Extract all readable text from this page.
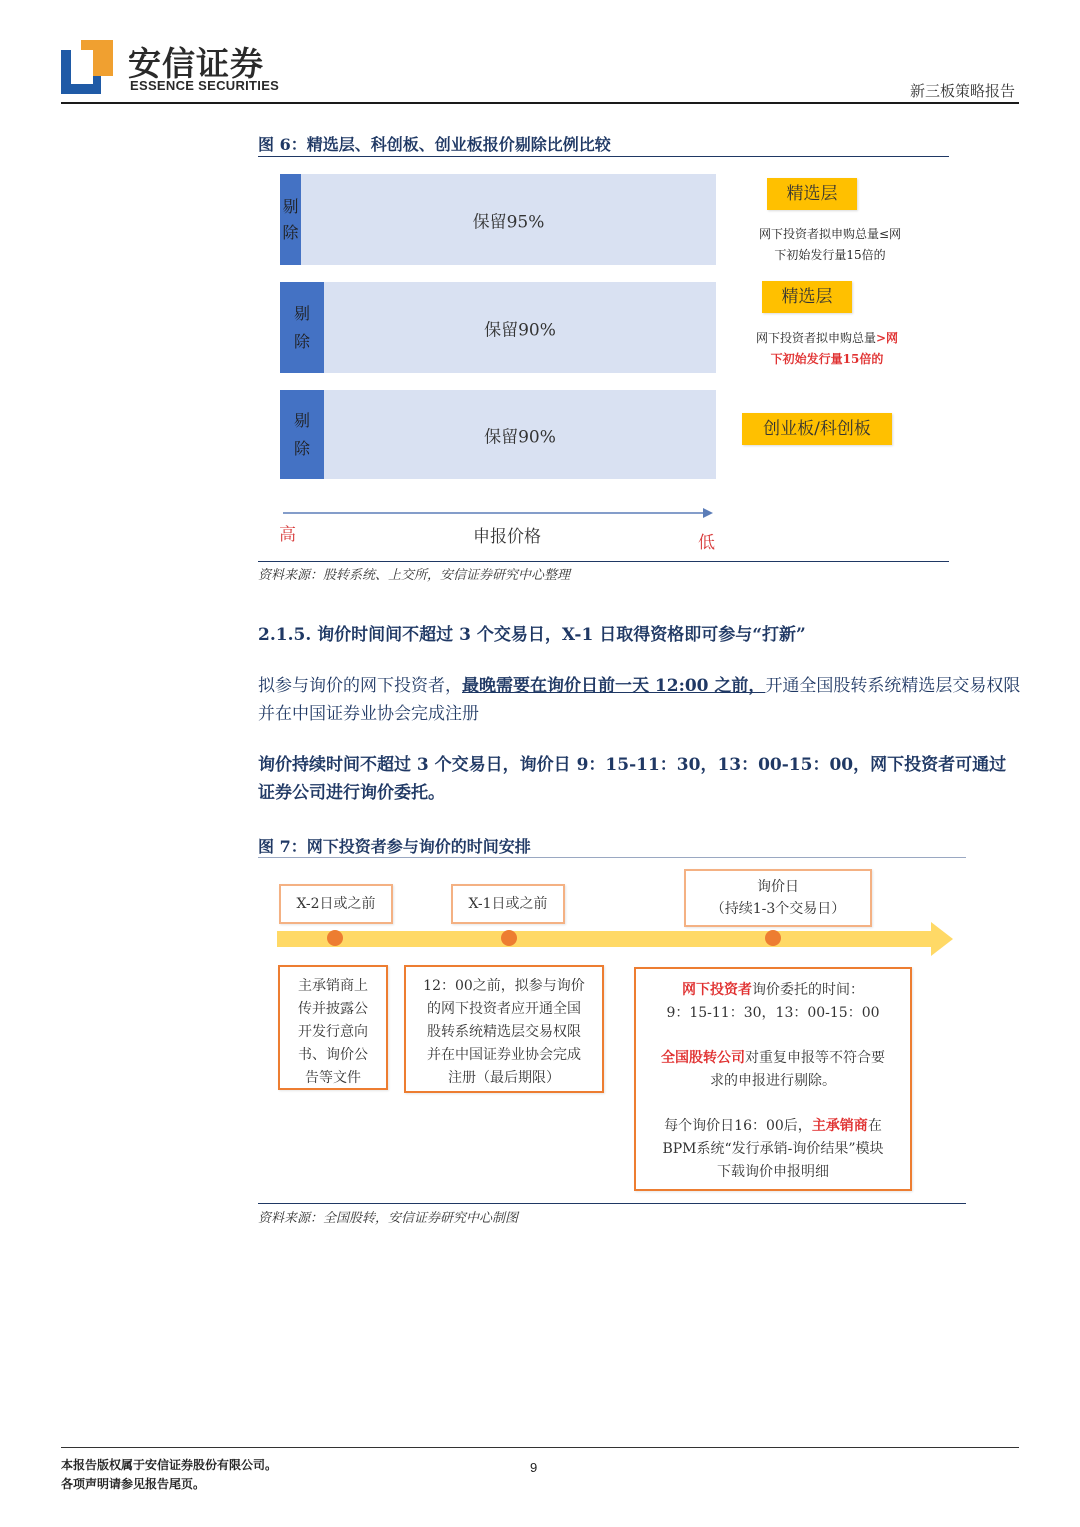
安信证券
ESSENCE SECURITIES	新三板策略报告
图 6：精选层、科创板、创业板报价剔除比例比较
剔
除	保留95%
剔
除
保留90%
剔
除
保留90%
精选层
网下投资者拟申购总量≤网
下初始发行量15倍的
精选层
网下投资者拟申购总量>网
下初始发行量15倍的
创业板/科创板
高	申报价格	低
资料来源：股转系统、上交所，安信证券研究中心整理
2.1.5. 询价时间间不超过 3 个交易日，X-1 日取得资格即可参与“打新”
拟参与询价的网下投资者，最晚需要在询价日前一天 12:00 之前，开通全国股转系统精选层交易权限并在中国证券业协会完成注册
询价持续时间不超过 3 个交易日，询价日 9：15-11：30，13：00-15：00，网下投资者可通过证券公司进行询价委托。
图 7：网下投资者参与询价的时间安排
X-2日或之前	X-1日或之前
询价日
（持续1-3个交易日）
主承销商上
传并披露公
开发行意向
书、询价公
告等文件
12：00之前，拟参与询价
的网下投资者应开通全国
股转系统精选层交易权限
并在中国证券业协会完成
注册（最后期限）
网下投资者询价委托的时间：
9：15-11：30，13：00-15：00
全国股转公司对重复申报等不符合要
求的申报进行剔除。
每个询价日16：00后，主承销商在
BPM系统“发行承销-询价结果”模块
下载询价申报明细
资料来源：全国股转，安信证券研究中心制图
本报告版权属于安信证券股份有限公司。
各项声明请参见报告尾页。
9
